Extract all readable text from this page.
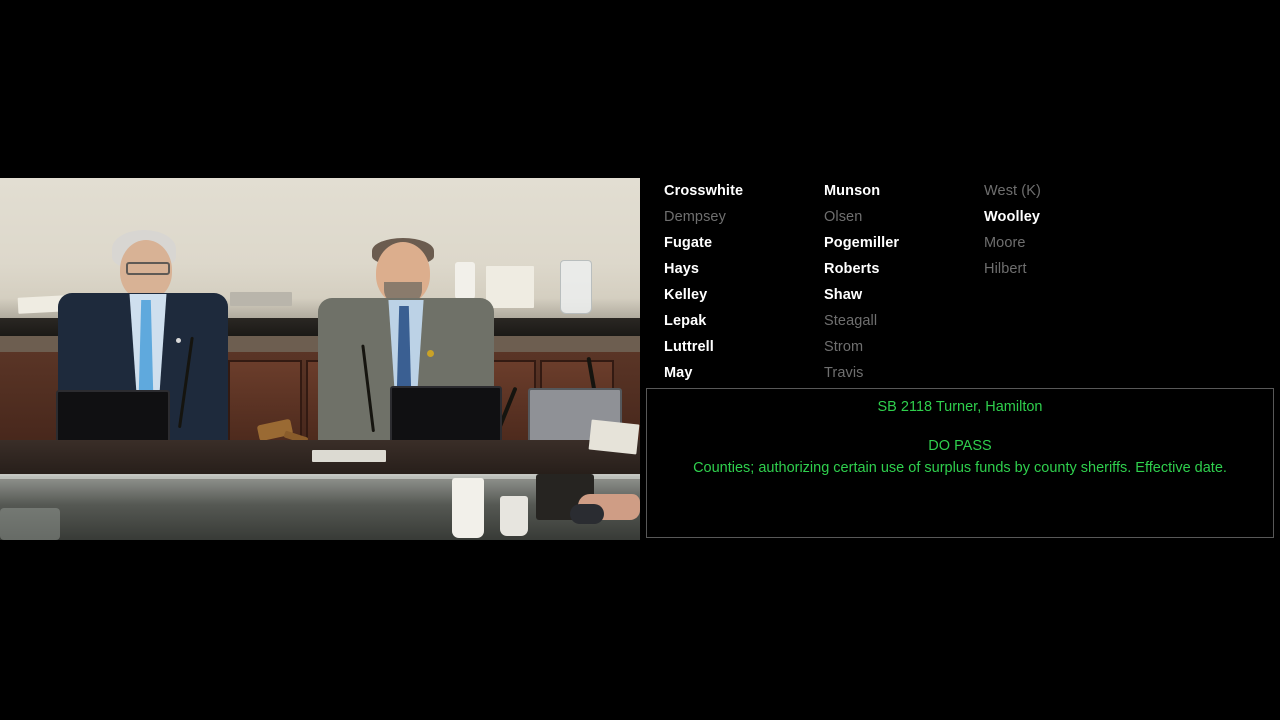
Crosswhite
Dempsey
Fugate
Hays
Kelley
Lepak
Luttrell
May
Munson
Olsen
Pogemiller
Roberts
Shaw
Steagall
Strom
Travis
West (K)
Woolley
Moore
Hilbert
SB 2118 Turner, Hamilton
DO PASS
Counties; authorizing certain use of surplus funds by county sheriffs. Effective date.
